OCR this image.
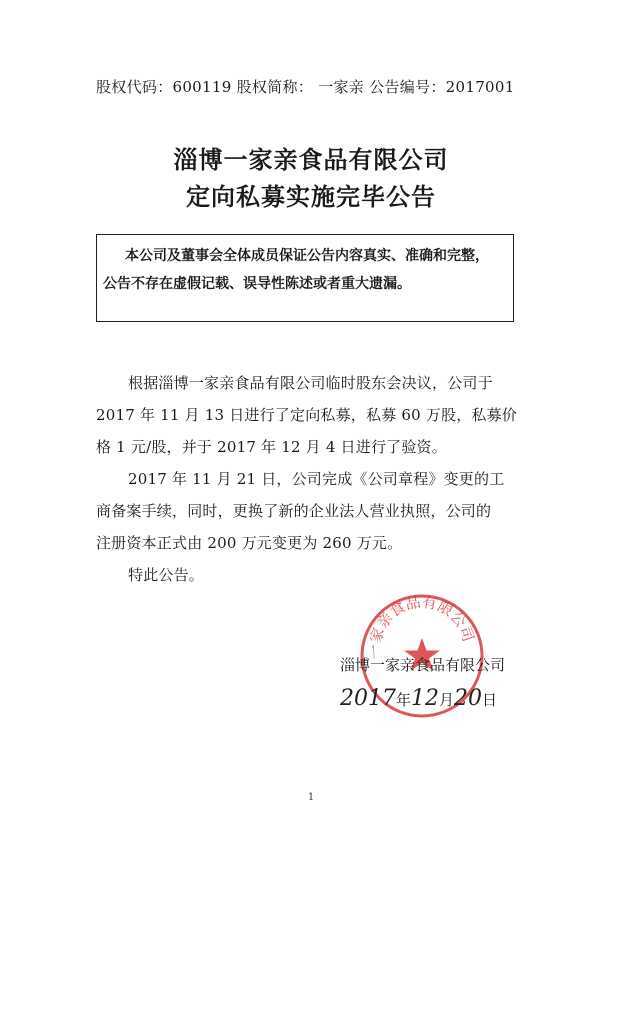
股权代码：600119 股权简称： 一家亲 公告编号：2017001
淄博一家亲食品有限公司
定向私募实施完毕公告
本公司及董事会全体成员保证公告内容真实、准确和完整，
公告不存在虚假记载、误导性陈述或者重大遗漏。
根据淄博一家亲食品有限公司临时股东会决议，公司于
2017 年 11 月 13 日进行了定向私募，私募 60 万股，私募价
格 1 元/股，并于 2017 年 12 月 4 日进行了验资。
2017 年 11 月 21 日，公司完成《公司章程》变更的工
商备案手续，同时，更换了新的企业法人营业执照，公司的
注册资本正式由 200 万元变更为 260 万元。
特此公告。
一家亲食品有限公司
淄博一家亲食品有限公司
2017年12月20日
1
